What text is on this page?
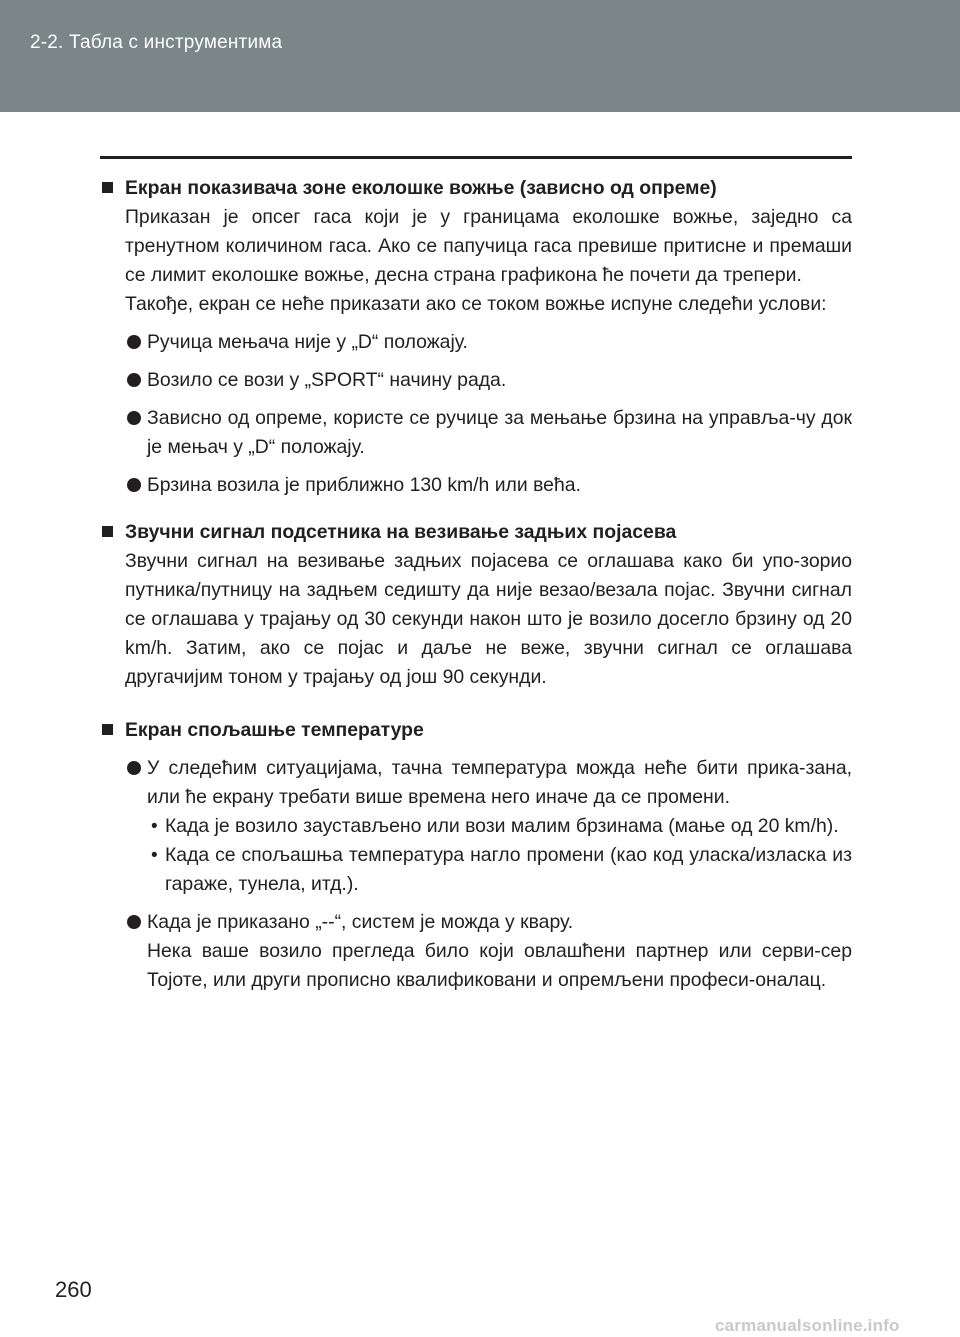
2-2. Табла с инструментима
Екран показивача зоне еколошке вожње (зависно од опреме)
Приказан је опсег гаса који је у границама еколошке вожње, заједно са тренутном количином гаса. Ако се папучица гаса превише притисне и премаши се лимит еколошке вожње, десна страна графикона ће почети да трепери.
Такође, екран се неће приказати ако се током вожње испуне следећи услови:
Ручица мењача није у „D“ положају.
Возило се вози у „SPORT“ начину рада.
Зависно од опреме, користе се ручице за мењање брзина на управља-чу док је мењач у „D“ положају.
Брзина возила је приближно 130 km/h или већа.
Звучни сигнал подсетника на везивање задњих појасева
Звучни сигнал на везивање задњих појасева се оглашава како би упо-зорио путника/путницу на задњем седишту да није везао/везала појас. Звучни сигнал се оглашава у трајању од 30 секунди након што је возило досегло брзину од 20 km/h. Затим, ако се појас и даље не веже, звучни сигнал се оглашава другачијим тоном у трајању од још 90 секунди.
Екран спољашње температуре
У следећим ситуацијама, тачна температура можда неће бити прика-зана, или ће екрану требати више времена него иначе да се промени.
• Када је возило заустављено или вози малим брзинама (мање од 20 km/h).
• Када се спољашња температура нагло промени (као код уласка/изласка из гараже, тунела, итд.).
Када је приказано „--“, систем је можда у квару.
Нека ваше возило прегледа било који овлашћени партнер или серви-сер Тојоте, или други прописно квалификовани и опремљени професи-оналац.
260
carmanualsonline.info
